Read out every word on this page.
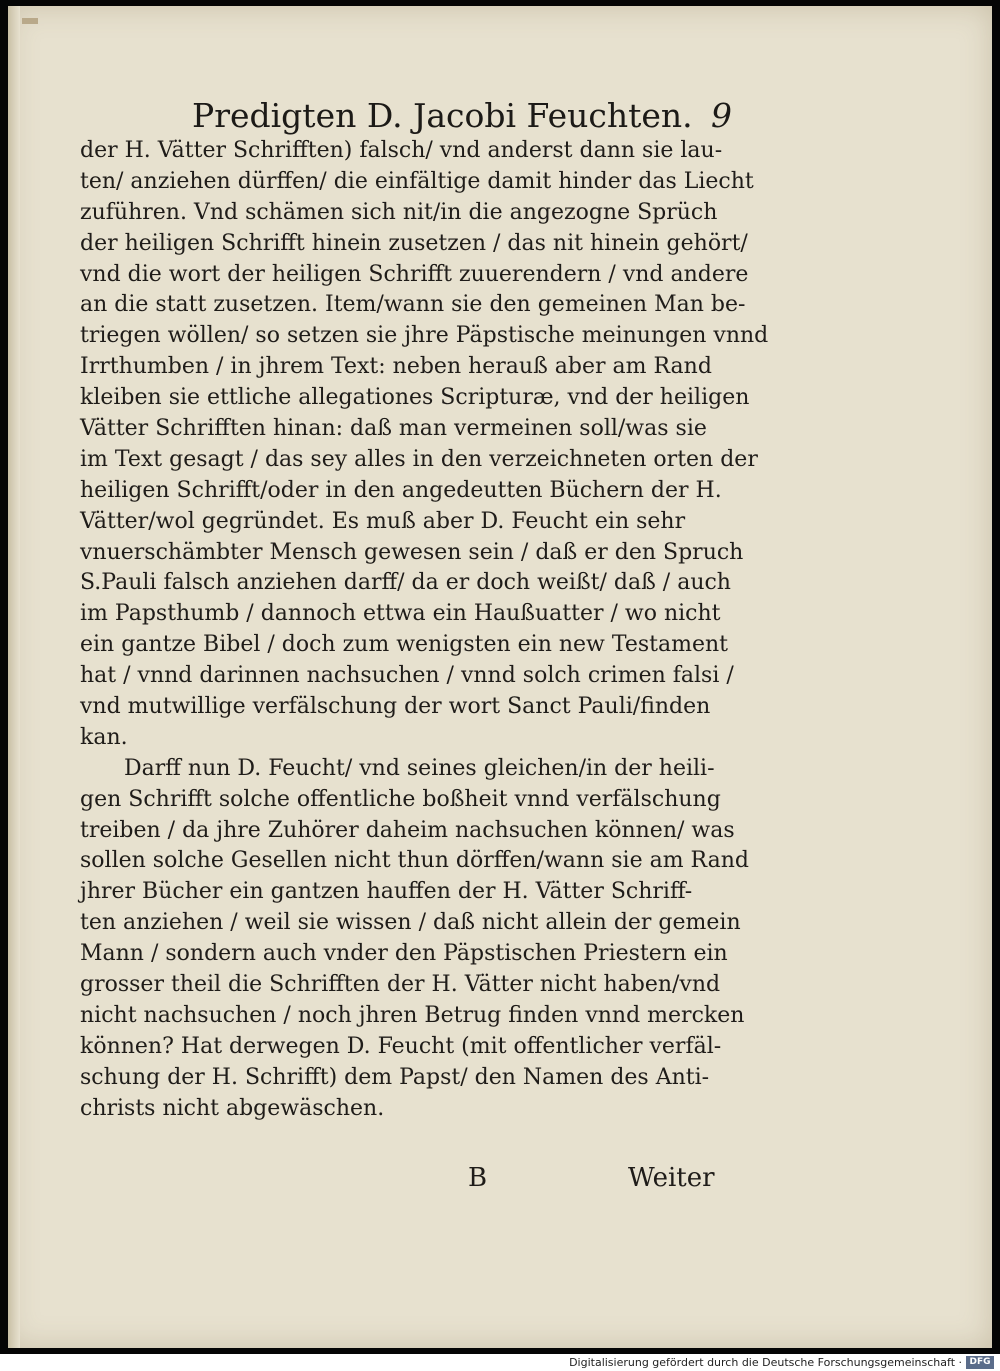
Predigten D. Jacobi Feuchten. 9
der H. Vätter Schrifften) falsch/ vnd anderst dann sie lau-
ten/ anziehen dürffen/ die einfältige damit hinder das Liecht
zuführen. Vnd schämen sich nit/in die angezogne Sprüch
der heiligen Schrifft hinein zusetzen / das nit hinein gehört/
vnd die wort der heiligen Schrifft zuuerendern / vnd andere
an die statt zusetzen. Item/wann sie den gemeinen Man be-
triegen wöllen/ so setzen sie jhre Päpstische meinungen vnnd
Irrthumben / in jhrem Text: neben herauß aber am Rand
kleiben sie ettliche allegationes Scripturæ, vnd der heiligen
Vätter Schrifften hinan: daß man vermeinen soll/was sie
im Text gesagt / das sey alles in den verzeichneten orten der
heiligen Schrifft/oder in den angedeutten Büchern der H.
Vätter/wol gegründet. Es muß aber D. Feucht ein sehr
vnuerschämbter Mensch gewesen sein / daß er den Spruch
S.Pauli falsch anziehen darff/ da er doch weißt/ daß / auch
im Papsthumb / dannoch ettwa ein Haußuatter / wo nicht
ein gantze Bibel / doch zum wenigsten ein new Testament
hat / vnnd darinnen nachsuchen / vnnd solch crimen falsi /
vnd mutwillige verfälschung der wort Sanct Pauli/finden
kan.
Darff nun D. Feucht/ vnd seines gleichen/in der heili-
gen Schrifft solche offentliche boßheit vnnd verfälschung
treiben / da jhre Zuhörer daheim nachsuchen können/ was
sollen solche Gesellen nicht thun dörffen/wann sie am Rand
jhrer Bücher ein gantzen hauffen der H. Vätter Schriff-
ten anziehen / weil sie wissen / daß nicht allein der gemein
Mann / sondern auch vnder den Päpstischen Priestern ein
grosser theil die Schrifften der H. Vätter nicht haben/vnd
nicht nachsuchen / noch jhren Betrug finden vnnd mercken
können? Hat derwegen D. Feucht (mit offentlicher verfäl-
schung der H. Schrifft) dem Papst/ den Namen des Anti-
christs nicht abgewäschen.
B	Weiter
Digitalisierung gefördert durch die Deutsche Forschungsgemeinschaft · DFG
